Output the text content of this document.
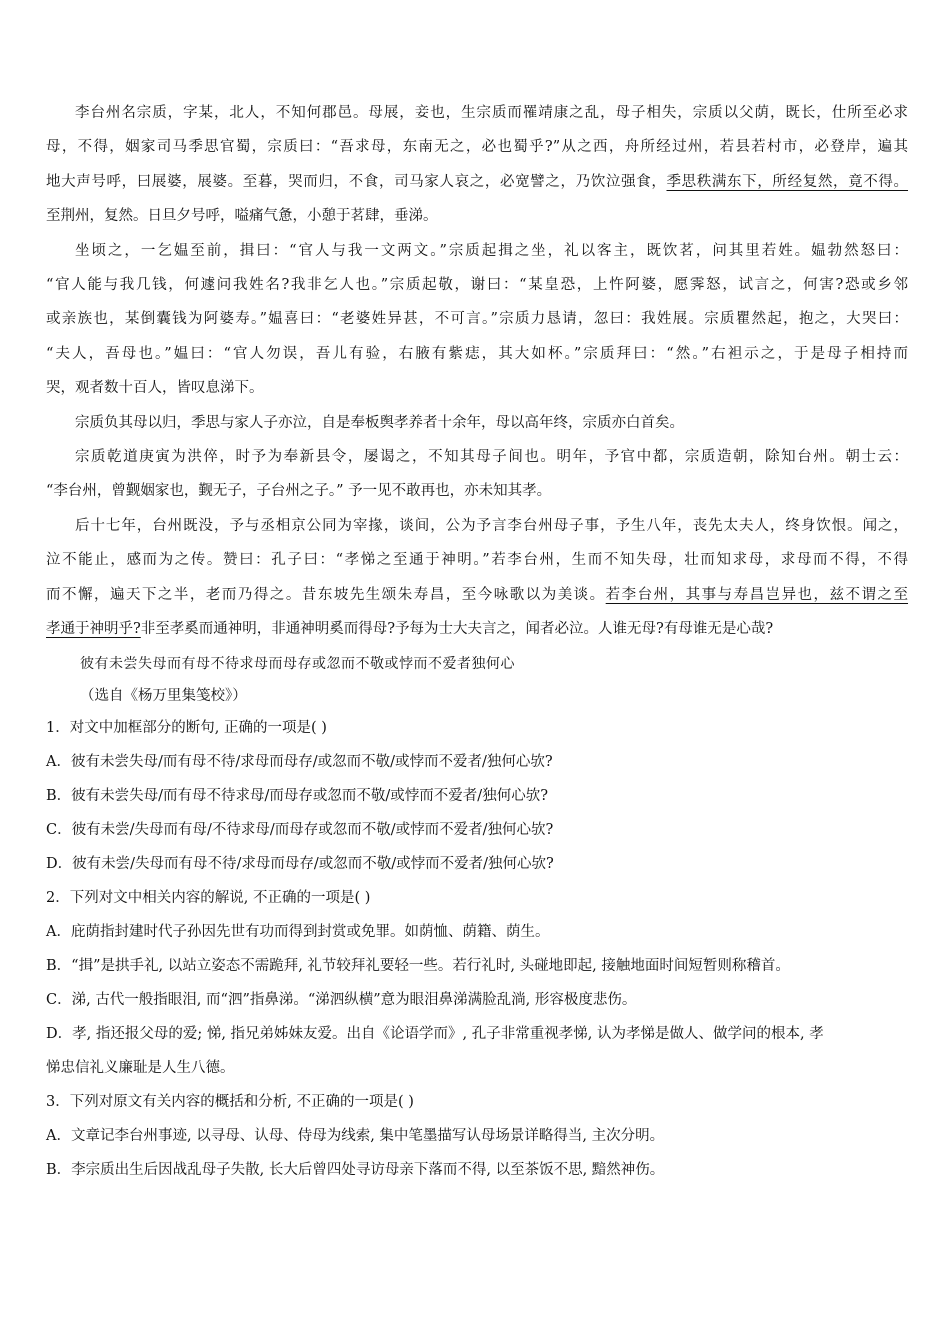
李台州名宗质，字某，北人，不知何郡邑。母展，妾也，生宗质而罹靖康之乱，母子相失，宗质以父荫，既长，仕所至必求

母，不得，姻家司马季思官蜀，宗质曰：“吾求母，东南无之，必也蜀乎?”从之西，舟所经过州，若县若村市，必登岸，遍其

地大声号呼，曰展婆，展婆。至暮，哭而归，不食，司马家人哀之，必宽譬之，乃饮泣强食，季思秩满东下，所经复然，竟不得。

至荆州，复然。日旦夕号呼，嗌痛气惫，小憩于茗肆，垂涕。

坐顷之，一乞媪至前，揖曰：“官人与我一文两文。”宗质起揖之坐，礼以客主，既饮茗，问其里若姓。媪勃然怒曰：

“官人能与我几钱，何遽问我姓名?我非乞人也。”宗质起敬，谢曰：“某皇恐，上忤阿婆，愿霁怒，试言之，何害?恐或乡邻

或亲族也，某倒囊钱为阿婆寿。”媪喜曰：“老婆姓异甚，不可言。”宗质力恳请，忽曰：我姓展。宗质瞿然起，抱之，大哭曰：

“夫人，吾母也。”媪曰：“官人勿误，吾儿有验，右腋有紫痣，其大如杯。”宗质拜曰：“然。”右袒示之，于是母子相持而

哭，观者数十百人，皆叹息涕下。

宗质负其母以归，季思与家人子亦泣，自是奉板舆孝养者十余年，母以高年终，宗质亦白首矣。

宗质乾道庚寅为洪倅，时予为奉新县令，屡谒之，不知其母子间也。明年，予官中都，宗质造朝，除知台州。朝士云：

“李台州，曾觐姻家也，觐无子，子台州之子。” 予一见不敢再也，亦未知其孝。

后十七年，台州既没，予与丞相京公同为宰掾，谈间，公为予言李台州母子事，予生八年，丧先太夫人，终身饮恨。闻之，

泣不能止，感而为之传。赞曰：孔子曰：“孝悌之至通于神明。”若李台州，生而不知失母，壮而知求母，求母而不得，不得

而不懈，遍天下之半，老而乃得之。昔东坡先生颂朱寿昌，至今咏歌以为美谈。若李台州，其事与寿昌岂异也，兹不谓之至

孝通于神明乎?非至孝奚而通神明，非通神明奚而得母?予每为士大夫言之，闻者必泣。人谁无母?有母谁无是心哉?

彼有未尝失母而有母不待求母而母存或忽而不敬或悖而不爱者独何心

（选自《杨万里集笺校》）

1．对文中加框部分的断句, 正确的一项是( )

A．彼有未尝失母/而有母不待/求母而母存/或忽而不敬/或悖而不爱者/独何心欤?

B．彼有未尝失母/而有母不待求母/而母存或忽而不敬/或悖而不爱者/独何心欤?

C．彼有未尝/失母而有母/不待求母/而母存或忽而不敬/或悖而不爱者/独何心欤?

D．彼有未尝/失母而有母不待/求母而母存/或忽而不敬/或悖而不爱者/独何心欤?

2．下列对文中相关内容的解说, 不正确的一项是( )

A．庇荫指封建时代子孙因先世有功而得到封赏或免罪。如荫恤、荫籍、荫生。

B．“揖”是拱手礼, 以站立姿态不需跪拜, 礼节较拜礼要轻一些。若行礼时, 头碰地即起, 接触地面时间短暂则称稽首。

C．涕, 古代一般指眼泪, 而“泗”指鼻涕。“涕泗纵横”意为眼泪鼻涕满脸乱淌, 形容极度悲伤。

D．孝, 指还报父母的爱; 悌, 指兄弟姊妹友爱。出自《论语学而》, 孔子非常重视孝悌, 认为孝悌是做人、做学问的根本, 孝

悌忠信礼义廉耻是人生八德。

3．下列对原文有关内容的概括和分析, 不正确的一项是( )

A．文章记李台州事迹, 以寻母、认母、侍母为线索, 集中笔墨描写认母场景详略得当, 主次分明。

B．李宗质出生后因战乱母子失散, 长大后曾四处寻访母亲下落而不得, 以至茶饭不思, 黯然神伤。
